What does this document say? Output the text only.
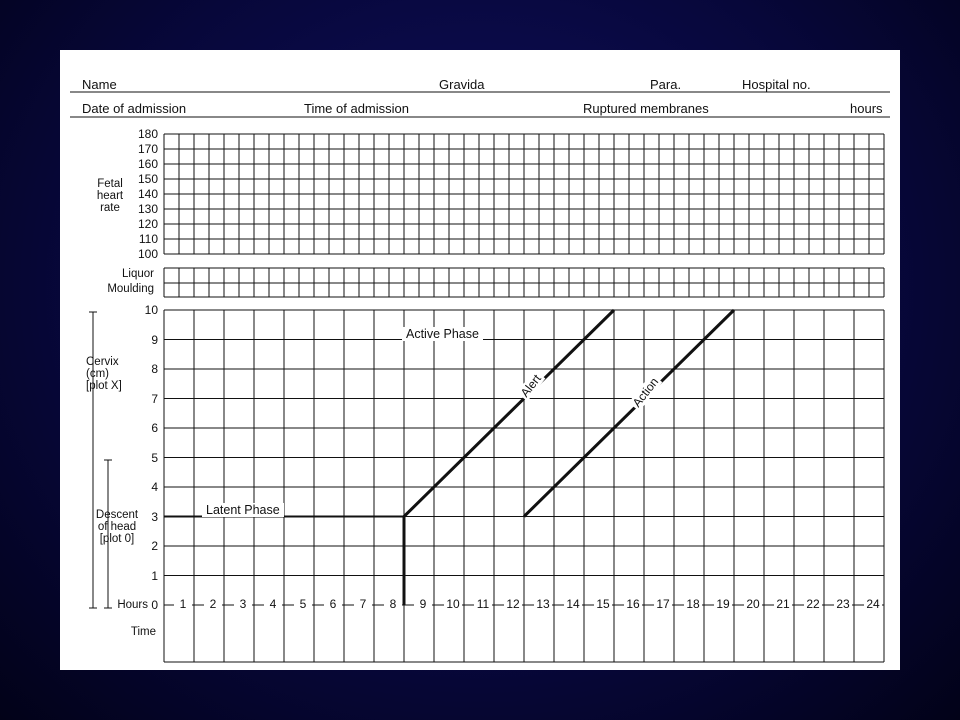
Name	Gravida	Para.	Hospital no.
Date of admission	Time of admission	Ruptured membranes	hours
Fetal
heart
rate
Liquor
Moulding
Cervix
(cm)
[plot X]
Descent
of head
[plot 0]
Hours
Time
180
170
160
150
140
130
120
110
100
10
9
8
7
6
5
4
3
2
1
0	1	2	3	4	5	6	7	8	9	10 11 12 13 14 15 16 17 18 19 20 21 22 23 24
Active Phase
Latent Phase
Alert	Action
